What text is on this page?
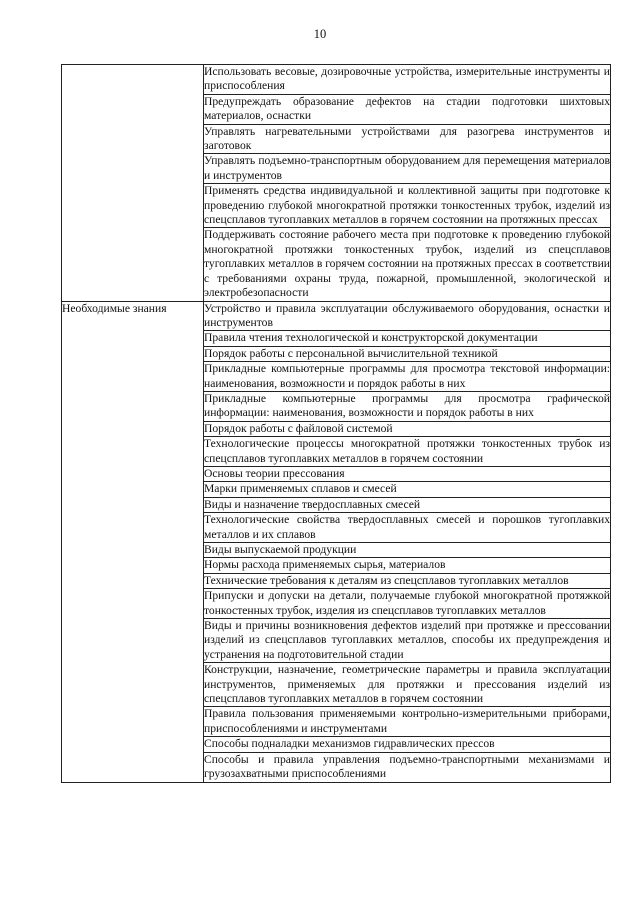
10
	Использовать весовые, дозировочные устройства, измерительные инструменты и приспособления
	Предупреждать образование дефектов на стадии подготовки шихтовых материалов, оснастки
	Управлять нагревательными устройствами для разогрева инструментов и заготовок
	Управлять подъемно-транспортным оборудованием для перемещения материалов и инструментов
	Применять средства индивидуальной и коллективной защиты при подготовке к проведению глубокой многократной протяжки тонкостенных трубок, изделий из спецсплавов тугоплавких металлов в горячем состоянии на протяжных прессах
	Поддерживать состояние рабочего места при подготовке к проведению глубокой многократной протяжки тонкостенных трубок, изделий из спецсплавов тугоплавких металлов в горячем состоянии на протяжных прессах в соответствии с требованиями охраны труда, пожарной, промышленной, экологической и электробезопасности
Необходимые знания	Устройство и правила эксплуатации обслуживаемого оборудования, оснастки и инструментов
	Правила чтения технологической и конструкторской документации
	Порядок работы с персональной вычислительной техникой
	Прикладные компьютерные программы для просмотра текстовой информации: наименования, возможности и порядок работы в них
	Прикладные компьютерные программы для просмотра графической информации: наименования, возможности и порядок работы в них
	Порядок работы с файловой системой
	Технологические процессы многократной протяжки тонкостенных трубок из спецсплавов тугоплавких металлов в горячем состоянии
	Основы теории прессования
	Марки применяемых сплавов и смесей
	Виды и назначение твердосплавных смесей
	Технологические свойства твердосплавных смесей и порошков тугоплавких металлов и их сплавов
	Виды выпускаемой продукции
	Нормы расхода применяемых сырья, материалов
	Технические требования к деталям из спецсплавов тугоплавких металлов
	Припуски и допуски на детали, получаемые глубокой многократной протяжкой тонкостенных трубок, изделия из спецсплавов тугоплавких металлов
	Виды и причины возникновения дефектов изделий при протяжке и прессовании изделий из спецсплавов тугоплавких металлов, способы их предупреждения и устранения на подготовительной стадии
	Конструкции, назначение, геометрические параметры и правила эксплуатации инструментов, применяемых для протяжки и прессования изделий из спецсплавов тугоплавких металлов в горячем состоянии
	Правила пользования применяемыми контрольно-измерительными приборами, приспособлениями и инструментами
	Способы подналадки механизмов гидравлических прессов
	Способы и правила управления подъемно-транспортными механизмами и грузозахватными приспособлениями
